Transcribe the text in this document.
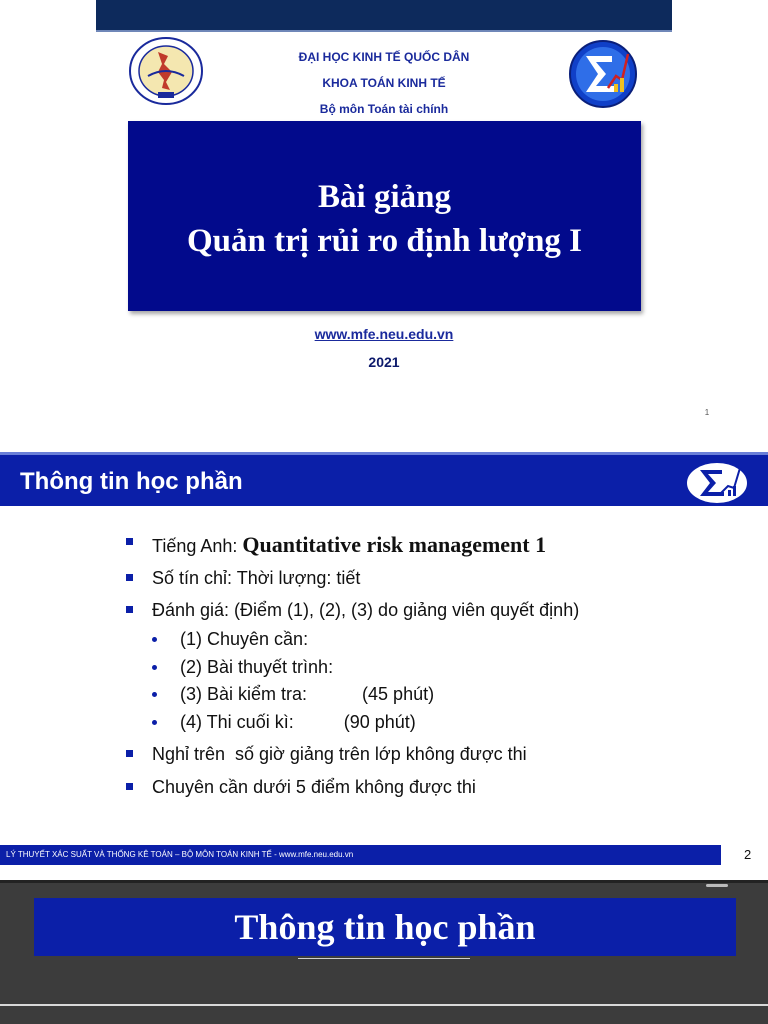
ĐẠI HỌC KINH TẾ QUỐC DÂN
KHOA TOÁN KINH TẾ
Bộ môn Toán tài chính
Bài giảng
Quản trị rủi ro định lượng I
www.mfe.neu.edu.vn
2021
1
Thông tin học phần
Tiếng Anh: Quantitative risk management 1
Số tín chỉ: Thời lượng: tiết
Đánh giá: (Điểm (1), (2), (3) do giảng viên quyết định)
(1) Chuyên cần:
(2) Bài thuyết trình:
(3) Bài kiểm tra:           (45 phút)
(4) Thi cuối kì:          (90 phút)
Nghỉ trên  số giờ giảng trên lớp không được thi
Chuyên cần dưới 5 điểm không được thi
LÝ THUYẾT XÁC SUẤT VÀ THỐNG KÊ TOÁN – BỘ MÔN TOÁN KINH TẾ - www.mfe.neu.edu.vn	2
Thông tin học phần
